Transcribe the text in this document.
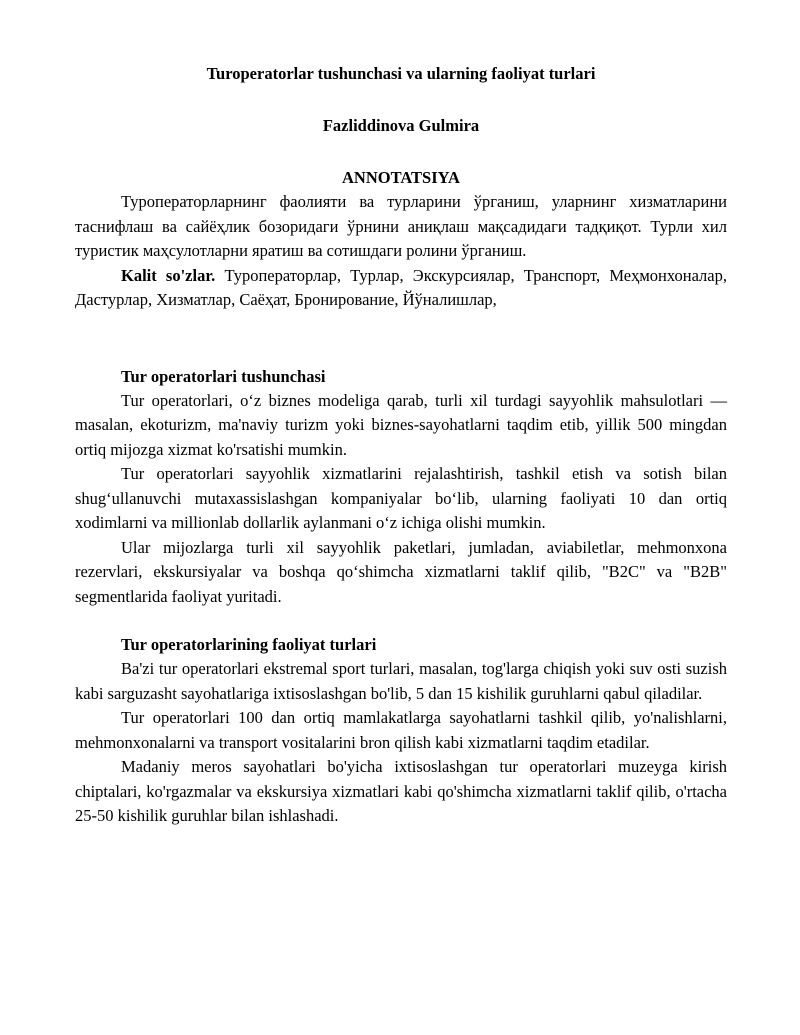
Turoperatorlar tushunchasi va ularning faoliyat turlari
Fazliddinova Gulmira
ANNOTATSIYA

Туроператорларнинг фаолияти ва турларини ўрганиш, уларнинг хизматларини таснифлаш ва сайёҳлик бозоридаги ўрнини аниқлаш мақсадидаги тадқиқот. Турли хил туристик маҳсулотларни яратиш ва сотишдаги ролини ўрганиш.

Kalit so'zlar. Туроператорлар, Турлар, Экскурсиялар, Транспорт, Меҳмонхоналар, Дастурлар, Хизматлар, Саёҳат, Бронирование, Йўналишлар,

Tur operatorlari tushunchasi

Tur operatorlari, o‘z biznes modeliga qarab, turli xil turdagi sayyohlik mahsulotlari — masalan, ekoturizm, ma'naviy turizm yoki biznes-sayohatlarni taqdim etib, yillik 500 mingdan ortiq mijozga xizmat ko'rsatishi mumkin.

Tur operatorlari sayyohlik xizmatlarini rejalashtirish, tashkil etish va sotish bilan shug‘ullanuvchi mutaxassislashgan kompaniyalar bo‘lib, ularning faoliyati 10 dan ortiq xodimlarni va millionlab dollarlik aylanmani o‘z ichiga olishi mumkin.

Ular mijozlarga turli xil sayyohlik paketlari, jumladan, aviabiletlar, mehmonxona rezervlari, ekskursiyalar va boshqa qo‘shimcha xizmatlarni taklif qilib, "B2C" va "B2B" segmentlarida faoliyat yuritadi.

Tur operatorlarining faoliyat turlari

Ba'zi tur operatorlari ekstremal sport turlari, masalan, tog'larga chiqish yoki suv osti suzish kabi sarguzasht sayohatlariga ixtisoslashgan bo'lib, 5 dan 15 kishilik guruhlarni qabul qiladilar.

Tur operatorlari 100 dan ortiq mamlakatlarga sayohatlarni tashkil qilib, yo'nalishlarni, mehmonxonalarni va transport vositalarini bron qilish kabi xizmatlarni taqdim etadilar.

Madaniy meros sayohatlari bo'yicha ixtisoslashgan tur operatorlari muzeyga kirish chiptalari, ko'rgazmalar va ekskursiya xizmatlari kabi qo'shimcha xizmatlarni taklif qilib, o'rtacha 25-50 kishilik guruhlar bilan ishlashadi.
